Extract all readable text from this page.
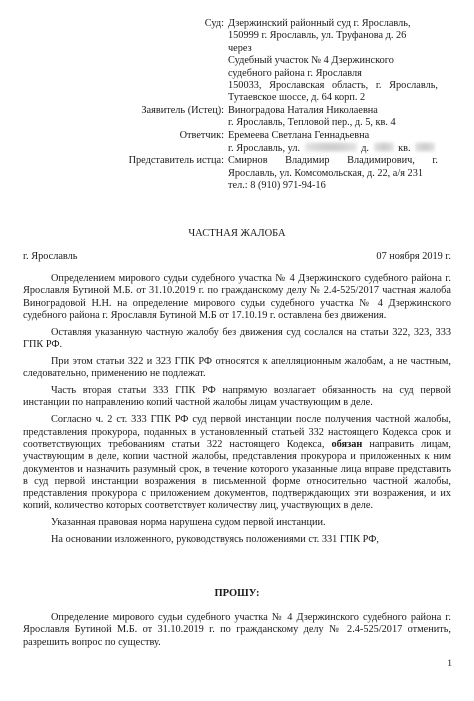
Суд: Дзержинский районный суд г. Ярославль,
150999 г. Ярославль, ул. Труфанова д. 26
через
Судебный участок № 4 Дзержинского
судебного района г. Ярославля
150033, Ярославская область, г. Ярославль,
Тутаевское шоссе, д. 64 корп. 2
Заявитель (Истец): Виноградова Наталия Николаевна
г. Ярославль, Тепловой пер., д. 5, кв. 4
Ответчик: Еремеева Светлана Геннадьевна
г. Ярославль, ул.	д.	кв.
Представитель истца: Смирнов Владимир Владимирович, г.
Ярославль, ул. Комсомольская, д. 22, а/я 231
тел.: 8 (910) 971-94-16
ЧАСТНАЯ ЖАЛОБА
г. Ярославль	07 ноября 2019 г.

Определением мирового судьи судебного участка № 4 Дзержинского судебного района г. Ярославля Бутиной М.Б. от 31.10.2019 г. по гражданскому делу № 2.4-525/2017 частная жалоба Виноградовой Н.Н. на определение мирового судьи судебного участка № 4 Дзержинского судебного района г. Ярославля Бутиной М.Б от 17.10.19 г. оставлена без движения.

Оставляя указанную частную жалобу без движения суд сослался на статьи 322, 323, 333 ГПК РФ.

При этом статьи 322 и 323 ГПК РФ относятся к апелляционным жалобам, а не частным, следовательно, применению не подлежат.

Часть вторая статьи 333 ГПК РФ напрямую возлагает обязанность на суд первой инстанции по направлению копий частной жалобы лицам участвующим в деле.

Согласно ч. 2 ст. 333 ГПК РФ суд первой инстанции после получения частной жалобы, представления прокурора, поданных в установленный статьей 332 настоящего Кодекса срок и соответствующих требованиям статьи 322 настоящего Кодекса, обязан направить лицам, участвующим в деле, копии частной жалобы, представления прокурора и приложенных к ним документов и назначить разумный срок, в течение которого указанные лица вправе представить в суд первой инстанции возражения в письменной форме относительно частной жалобы, представления прокурора с приложением документов, подтверждающих эти возражения, и их копий, количество которых соответствует количеству лиц, участвующих в деле.

Указанная правовая норма нарушена судом первой инстанции.

На основании изложенного, руководствуясь положениями ст. 331 ГПК РФ,

ПРОШУ:

Определение мирового судьи судебного участка № 4 Дзержинского судебного района г. Ярославля Бутиной М.Б. от 31.10.2019 г. по гражданскому делу № 2.4-525/2017 отменить, разрешить вопрос по существу.

1
